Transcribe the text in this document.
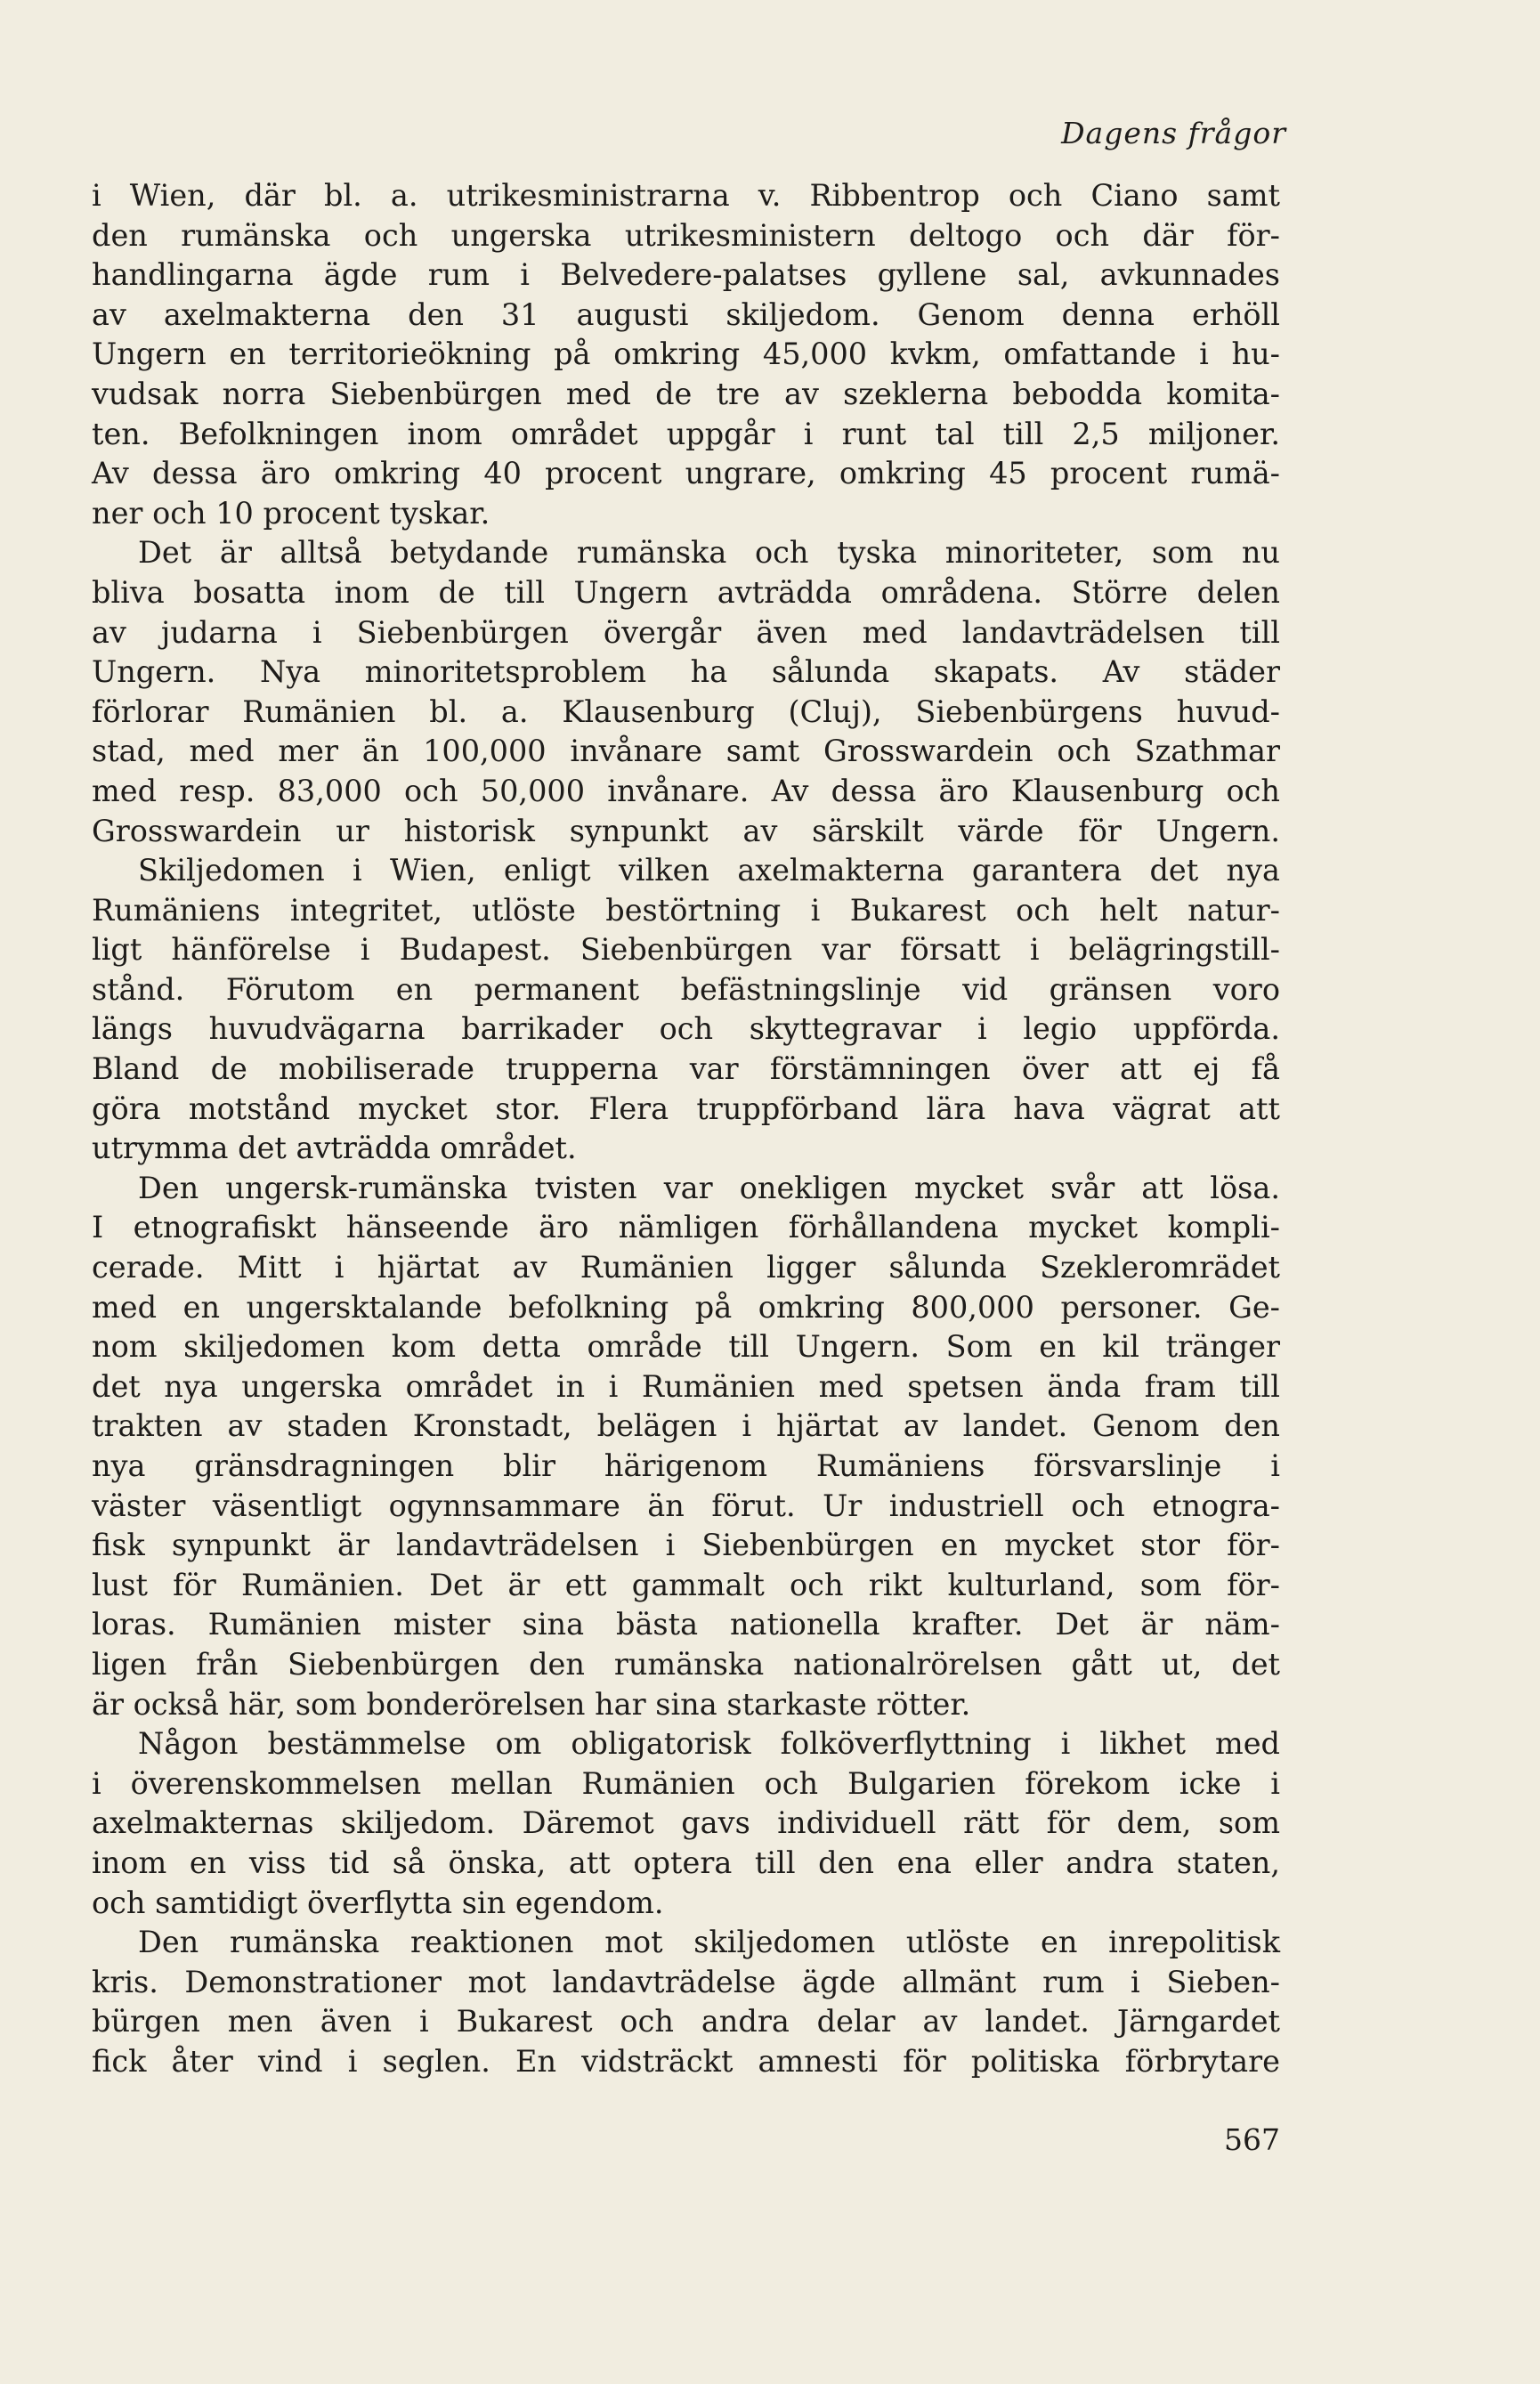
Dagens frågor

i Wien, där bl. a. utrikesministrarna v. Ribbentrop och Ciano samt
den rumänska och ungerska utrikesministern deltogo och där för-
handlingarna ägde rum i Belvedere-palatses gyllene sal, avkunnades
av axelmakterna den 31 augusti skiljedom. Genom denna erhöll
Ungern en territorieökning på omkring 45,000 kvkm, omfattande i hu-
vudsak norra Siebenbürgen med de tre av szeklerna bebodda komita-
ten. Befolkningen inom området uppgår i runt tal till 2,5 miljoner.
Av dessa äro omkring 40 procent ungrare, omkring 45 procent rumä-
ner och 10 procent tyskar.

Det är alltså betydande rumänska och tyska minoriteter, som nu
bliva bosatta inom de till Ungern avträdda områdena. Större delen
av judarna i Siebenbürgen övergår även med landavträdelsen till
Ungern. Nya minoritetsproblem ha sålunda skapats. Av städer
förlorar Rumänien bl. a. Klausenburg (Cluj), Siebenbürgens huvud-
stad, med mer än 100,000 invånare samt Grosswardein och Szathmar
med resp. 83,000 och 50,000 invånare. Av dessa äro Klausenburg och
Grosswardein ur historisk synpunkt av särskilt värde för Ungern.

Skiljedomen i Wien, enligt vilken axelmakterna garantera det nya
Rumäniens integritet, utlöste bestörtning i Bukarest och helt natur-
ligt hänförelse i Budapest. Siebenbürgen var försatt i belägringstill-
stånd. Förutom en permanent befästningslinje vid gränsen voro
längs huvudvägarna barrikader och skyttegravar i legio uppförda.
Bland de mobiliserade trupperna var förstämningen över att ej få
göra motstånd mycket stor. Flera truppförband lära hava vägrat att
utrymma det avträdda området.

Den ungersk-rumänska tvisten var onekligen mycket svår att lösa.
I etnografiskt hänseende äro nämligen förhållandena mycket kompli-
cerade. Mitt i hjärtat av Rumänien ligger sålunda Szekleromrädet
med en ungersktalande befolkning på omkring 800,000 personer. Ge-
nom skiljedomen kom detta område till Ungern. Som en kil tränger
det nya ungerska området in i Rumänien med spetsen ända fram till
trakten av staden Kronstadt, belägen i hjärtat av landet. Genom den
nya gränsdragningen blir härigenom Rumäniens försvarslinje i
väster väsentligt ogynnsammare än förut. Ur industriell och etnogra-
fisk synpunkt är landavträdelsen i Siebenbürgen en mycket stor för-
lust för Rumänien. Det är ett gammalt och rikt kulturland, som för-
loras. Rumänien mister sina bästa nationella krafter. Det är näm-
ligen från Siebenbürgen den rumänska nationalrörelsen gått ut, det
är också här, som bonderörelsen har sina starkaste rötter.

Någon bestämmelse om obligatorisk folköverflyttning i likhet med
i överenskommelsen mellan Rumänien och Bulgarien förekom icke i
axelmakternas skiljedom. Däremot gavs individuell rätt för dem, som
inom en viss tid så önska, att optera till den ena eller andra staten,
och samtidigt överflytta sin egendom.

Den rumänska reaktionen mot skiljedomen utlöste en inrepolitisk
kris. Demonstrationer mot landavträdelse ägde allmänt rum i Sieben-
bürgen men även i Bukarest och andra delar av landet. Järngardet
fick åter vind i seglen. En vidsträckt amnesti för politiska förbrytare

567
